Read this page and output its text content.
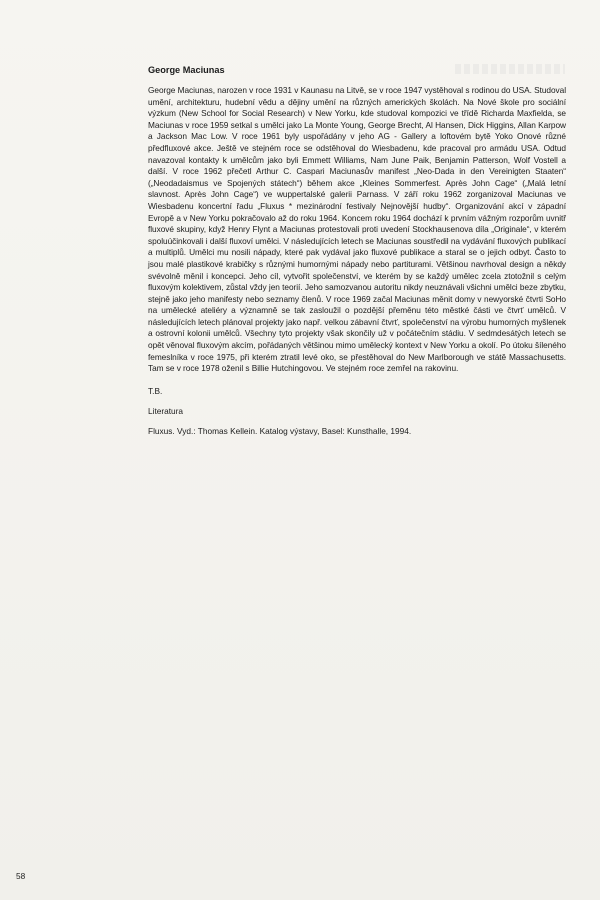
George Maciunas

George Maciunas, narozen v roce 1931 v Kaunasu na Litvě, se v roce 1947 vystěhoval s rodinou do USA. Studoval umění, architekturu, hudební vědu a dějiny umění na různých amerických školách. Na Nové škole pro sociální výzkum (New School for Social Research) v New Yorku, kde studoval kompozici ve třídě Richarda Maxfielda, se Maciunas v roce 1959 setkal s umělci jako La Monte Young, George Brecht, Al Hansen, Dick Higgins, Allan Karpow a Jackson Mac Low. V roce 1961 byly uspořádány v jeho AG - Gallery a loftovém bytě Yoko Onové různé předfluxové akce. Ještě ve stejném roce se odstěhoval do Wiesbadenu, kde pracoval pro armádu USA. Odtud navazoval kontakty k umělcům jako byli Emmett Williams, Nam June Paik, Benjamin Patterson, Wolf Vostell a další. V roce 1962 přečetl Arthur C. Caspari Maciunasův manifest „Neo-Dada in den Vereinigten Staaten“ („Neodadaismus ve Spojených státech“) během akce „Kleines Sommerfest. Après John Cage“ („Malá letní slavnost. Après John Cage“) ve wuppertalské galerii Parnass. V září roku 1962 zorganizoval Maciunas ve Wiesbadenu koncertní řadu „Fluxus * mezinárodní festivaly Nejnovější hudby“. Organizování akcí v západní Evropě a v New Yorku pokračovalo až do roku 1964. Koncem roku 1964 dochází k prvním vážným rozporům uvnitř fluxové skupiny, když Henry Flynt a Maciunas protestovali proti uvedení Stockhausenova díla „Originale“, v kterém spoluúčinkovali i další fluxoví umělci. V následujících letech se Maciunas soustředil na vydávání fluxových publikací a multiplů. Umělci mu nosili nápady, které pak vydával jako fluxové publikace a staral se o jejich odbyt. Často to jsou malé plastikové krabičky s různými humornými nápady nebo partiturami. Většinou navrhoval design a někdy svévolně měnil i koncepci. Jeho cíl, vytvořit společenství, ve kterém by se každý umělec zcela ztotožnil s celým fluxovým kolektivem, zůstal vždy jen teorií. Jeho samozvanou autoritu nikdy neuznávali všichni umělci beze zbytku, stejně jako jeho manifesty nebo seznamy členů. V roce 1969 začal Maciunas měnit domy v newyorské čtvrti SoHo na umělecké ateliéry a významně se tak zasloužil o pozdější přeměnu této městké části ve čtvrť umělců. V následujících letech plánoval projekty jako např. velkou zábavní čtvrť, společenství na výrobu humorných myšlenek a ostrovní kolonii umělců. Všechny tyto projekty však skončily už v počátečním stádiu. V sedmdesátých letech se opět věnoval fluxovým akcím, pořádaných většinou mimo umělecký kontext v New Yorku a okolí. Po útoku šíleného femeslníka v roce 1975, při kterém ztratil levé oko, se přestěhoval do New Marlborough ve státě Massachusetts. Tam se v roce 1978 oženil s Billie Hutchingovou. Ve stejném roce zemřel na rakovinu.

T.B.
Literatura
Fluxus. Vyd.: Thomas Kellein. Katalog výstavy, Basel: Kunsthalle, 1994.
58
